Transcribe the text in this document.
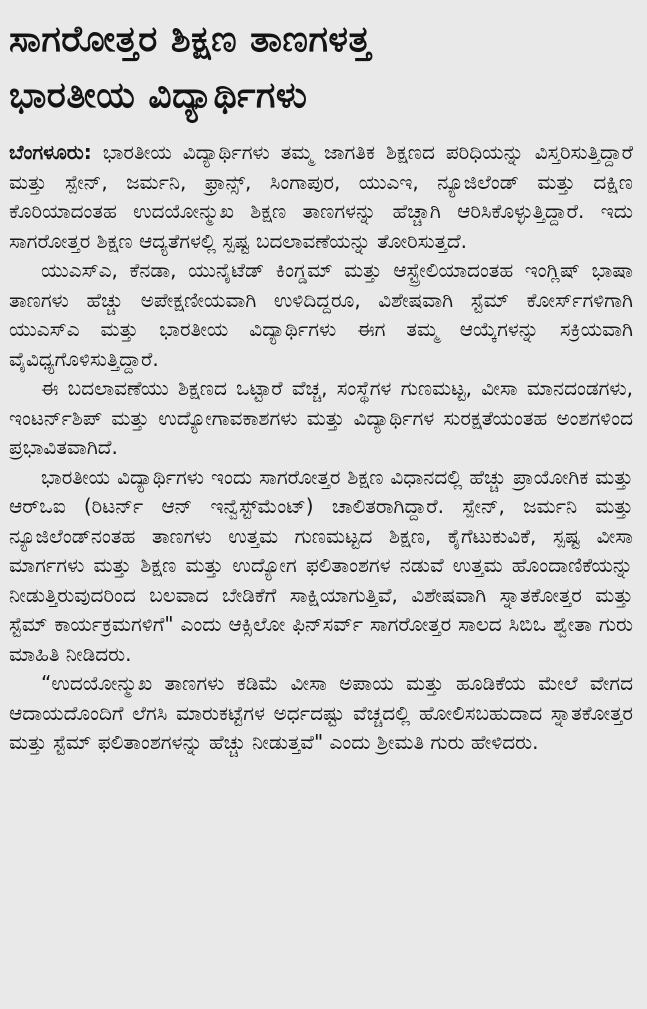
ಸಾಗರೋತ್ತರ ಶಿಕ್ಷಣ ತಾಣಗಳತ್ತ
ಭಾರತೀಯ ವಿದ್ಯಾರ್ಥಿಗಳು

ಬೆಂಗಳೂರು: ಭಾರತೀಯ ವಿದ್ಯಾರ್ಥಿಗಳು ತಮ್ಮ ಜಾಗತಿಕ ಶಿಕ್ಷಣದ ಪರಿಧಿಯನ್ನು ವಿಸ್ತರಿಸುತ್ತಿದ್ದಾರೆ ಮತ್ತು ಸ್ಪೇನ್, ಜರ್ಮನಿ, ಫ್ರಾನ್ಸ್, ಸಿಂಗಾಪುರ, ಯುಎಇ, ನ್ಯೂಜಿಲೆಂಡ್ ಮತ್ತು ದಕ್ಷಿಣ ಕೊರಿಯಾದಂತಹ ಉದಯೋನ್ಮುಖ ಶಿಕ್ಷಣ ತಾಣಗಳನ್ನು ಹೆಚ್ಚಾಗಿ ಆರಿಸಿಕೊಳ್ಳುತ್ತಿದ್ದಾರೆ. ಇದು ಸಾಗರೋತ್ತರ ಶಿಕ್ಷಣ ಆದ್ಯತೆಗಳಲ್ಲಿ ಸ್ಪಷ್ಟ ಬದಲಾವಣೆಯನ್ನು ತೋರಿಸುತ್ತದೆ.

ಯುಎಸ್ಎ, ಕೆನಡಾ, ಯುನೈಟೆಡ್ ಕಿಂಗ್ಡಮ್ ಮತ್ತು ಆಸ್ಟ್ರೇಲಿಯಾದಂತಹ ಇಂಗ್ಲಿಷ್ ಭಾಷಾ ತಾಣಗಳು ಹೆಚ್ಚು ಅಪೇಕ್ಷಣೀಯವಾಗಿ ಉಳಿದಿದ್ದರೂ, ವಿಶೇಷವಾಗಿ ಸ್ಟೆಮ್ ಕೋರ್ಸ್‌ಗಳಿಗಾಗಿ ಯುಎಸ್ಎ ಮತ್ತು ಭಾರತೀಯ ವಿದ್ಯಾರ್ಥಿಗಳು ಈಗ ತಮ್ಮ ಆಯ್ಕೆಗಳನ್ನು ಸಕ್ರಿಯವಾಗಿ ವೈವಿಧ್ಯಗೊಳಿಸುತ್ತಿದ್ದಾರೆ.

ಈ ಬದಲಾವಣೆಯು ಶಿಕ್ಷಣದ ಒಟ್ಟಾರೆ ವೆಚ್ಚ, ಸಂಸ್ಥೆಗಳ ಗುಣಮಟ್ಟ, ವೀಸಾ ಮಾನದಂಡಗಳು, ಇಂಟರ್ನ್‌ಶಿಪ್ ಮತ್ತು ಉದ್ಯೋಗಾವಕಾಶಗಳು ಮತ್ತು ವಿದ್ಯಾರ್ಥಿಗಳ ಸುರಕ್ಷತೆಯಂತಹ ಅಂಶಗಳಿಂದ ಪ್ರಭಾವಿತವಾಗಿದೆ.

ಭಾರತೀಯ ವಿದ್ಯಾರ್ಥಿಗಳು ಇಂದು ಸಾಗರೋತ್ತರ ಶಿಕ್ಷಣ ವಿಧಾನದಲ್ಲಿ ಹೆಚ್ಚು ಪ್ರಾಯೋಗಿಕ ಮತ್ತು ಆರ್‌ಒಐ (ರಿಟರ್ನ್ ಆನ್ ಇನ್ವೆಸ್ಟ್‌ಮೆಂಟ್) ಚಾಲಿತರಾಗಿದ್ದಾರೆ. ಸ್ಪೇನ್, ಜರ್ಮನಿ ಮತ್ತು ನ್ಯೂಜಿಲೆಂಡ್‌ನಂತಹ ತಾಣಗಳು ಉತ್ತಮ ಗುಣಮಟ್ಟದ ಶಿಕ್ಷಣ, ಕೈಗೆಟುಕುವಿಕೆ, ಸ್ಪಷ್ಟ ವೀಸಾ ಮಾರ್ಗಗಳು ಮತ್ತು ಶಿಕ್ಷಣ ಮತ್ತು ಉದ್ಯೋಗ ಫಲಿತಾಂಶಗಳ ನಡುವೆ ಉತ್ತಮ ಹೊಂದಾಣಿಕೆಯನ್ನು ನೀಡುತ್ತಿರುವುದರಿಂದ ಬಲವಾದ ಬೇಡಿಕೆಗೆ ಸಾಕ್ಷಿಯಾಗುತ್ತಿವೆ, ವಿಶೇಷವಾಗಿ ಸ್ನಾತಕೋತ್ತರ ಮತ್ತು ಸ್ಟೆಮ್ ಕಾರ್ಯಕ್ರಮಗಳಿಗೆ" ಎಂದು ಆಕ್ಸಿಲೋ ಫಿನ್‌ಸರ್ವ್ ಸಾಗರೋತ್ತರ ಸಾಲದ ಸಿಬಿಒ ಶ್ವೇತಾ ಗುರು ಮಾಹಿತಿ ನೀಡಿದರು.

“ಉದಯೋನ್ಮುಖ ತಾಣಗಳು ಕಡಿಮೆ ವೀಸಾ ಅಪಾಯ ಮತ್ತು ಹೂಡಿಕೆಯ ಮೇಲೆ ವೇಗದ ಆದಾಯದೊಂದಿಗೆ ಲೆಗಸಿ ಮಾರುಕಟ್ಟೆಗಳ ಅರ್ಧದಷ್ಟು ವೆಚ್ಚದಲ್ಲಿ ಹೋಲಿಸಬಹುದಾದ ಸ್ನಾತಕೋತ್ತರ ಮತ್ತು ಸ್ಟೆಮ್ ಫಲಿತಾಂಶಗಳನ್ನು ಹೆಚ್ಚು ನೀಡುತ್ತವೆ" ಎಂದು ಶ್ರೀಮತಿ ಗುರು ಹೇಳಿದರು.
